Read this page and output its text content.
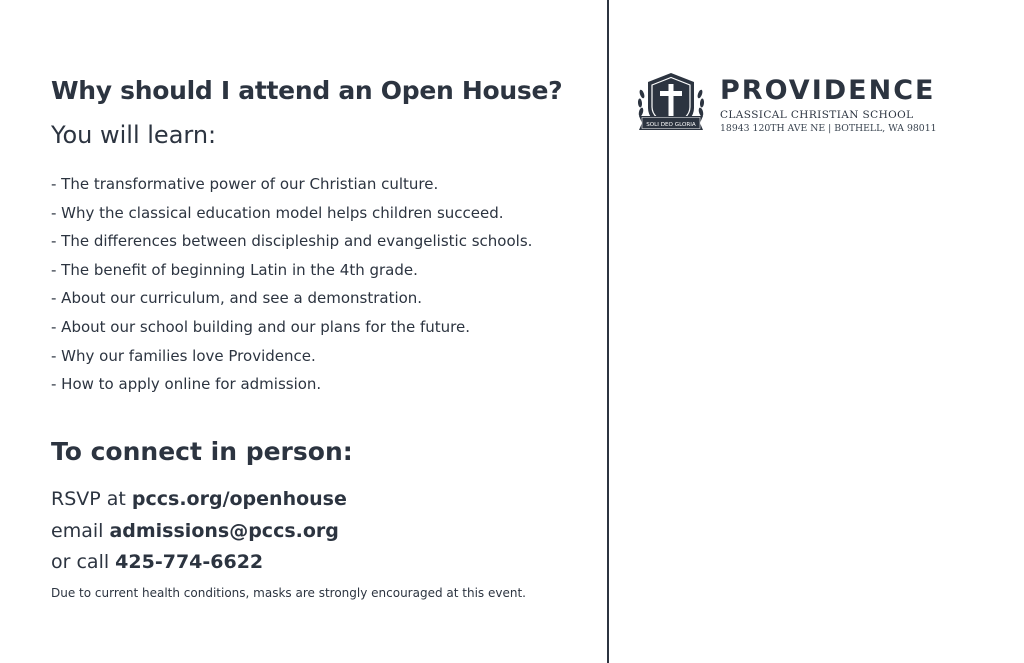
Why should I attend an Open House?
You will learn:
- The transformative power of our Christian culture.
- Why the classical education model helps children succeed.
- The differences between discipleship and evangelistic schools.
- The benefit of beginning Latin in the 4th grade.
- About our curriculum, and see a demonstration.
- About our school building and our plans for the future.
- Why our families love Providence.
- How to apply online for admission.
To connect in person:
RSVP at pccs.org/openhouse
email admissions@pccs.org
or call 425-774-6622
Due to current health conditions, masks are strongly encouraged at this event.
SOLI DEO GLORIA
PROVIDENCE
CLASSICAL CHRISTIAN SCHOOL
18943 120TH AVE NE | BOTHELL, WA 98011
